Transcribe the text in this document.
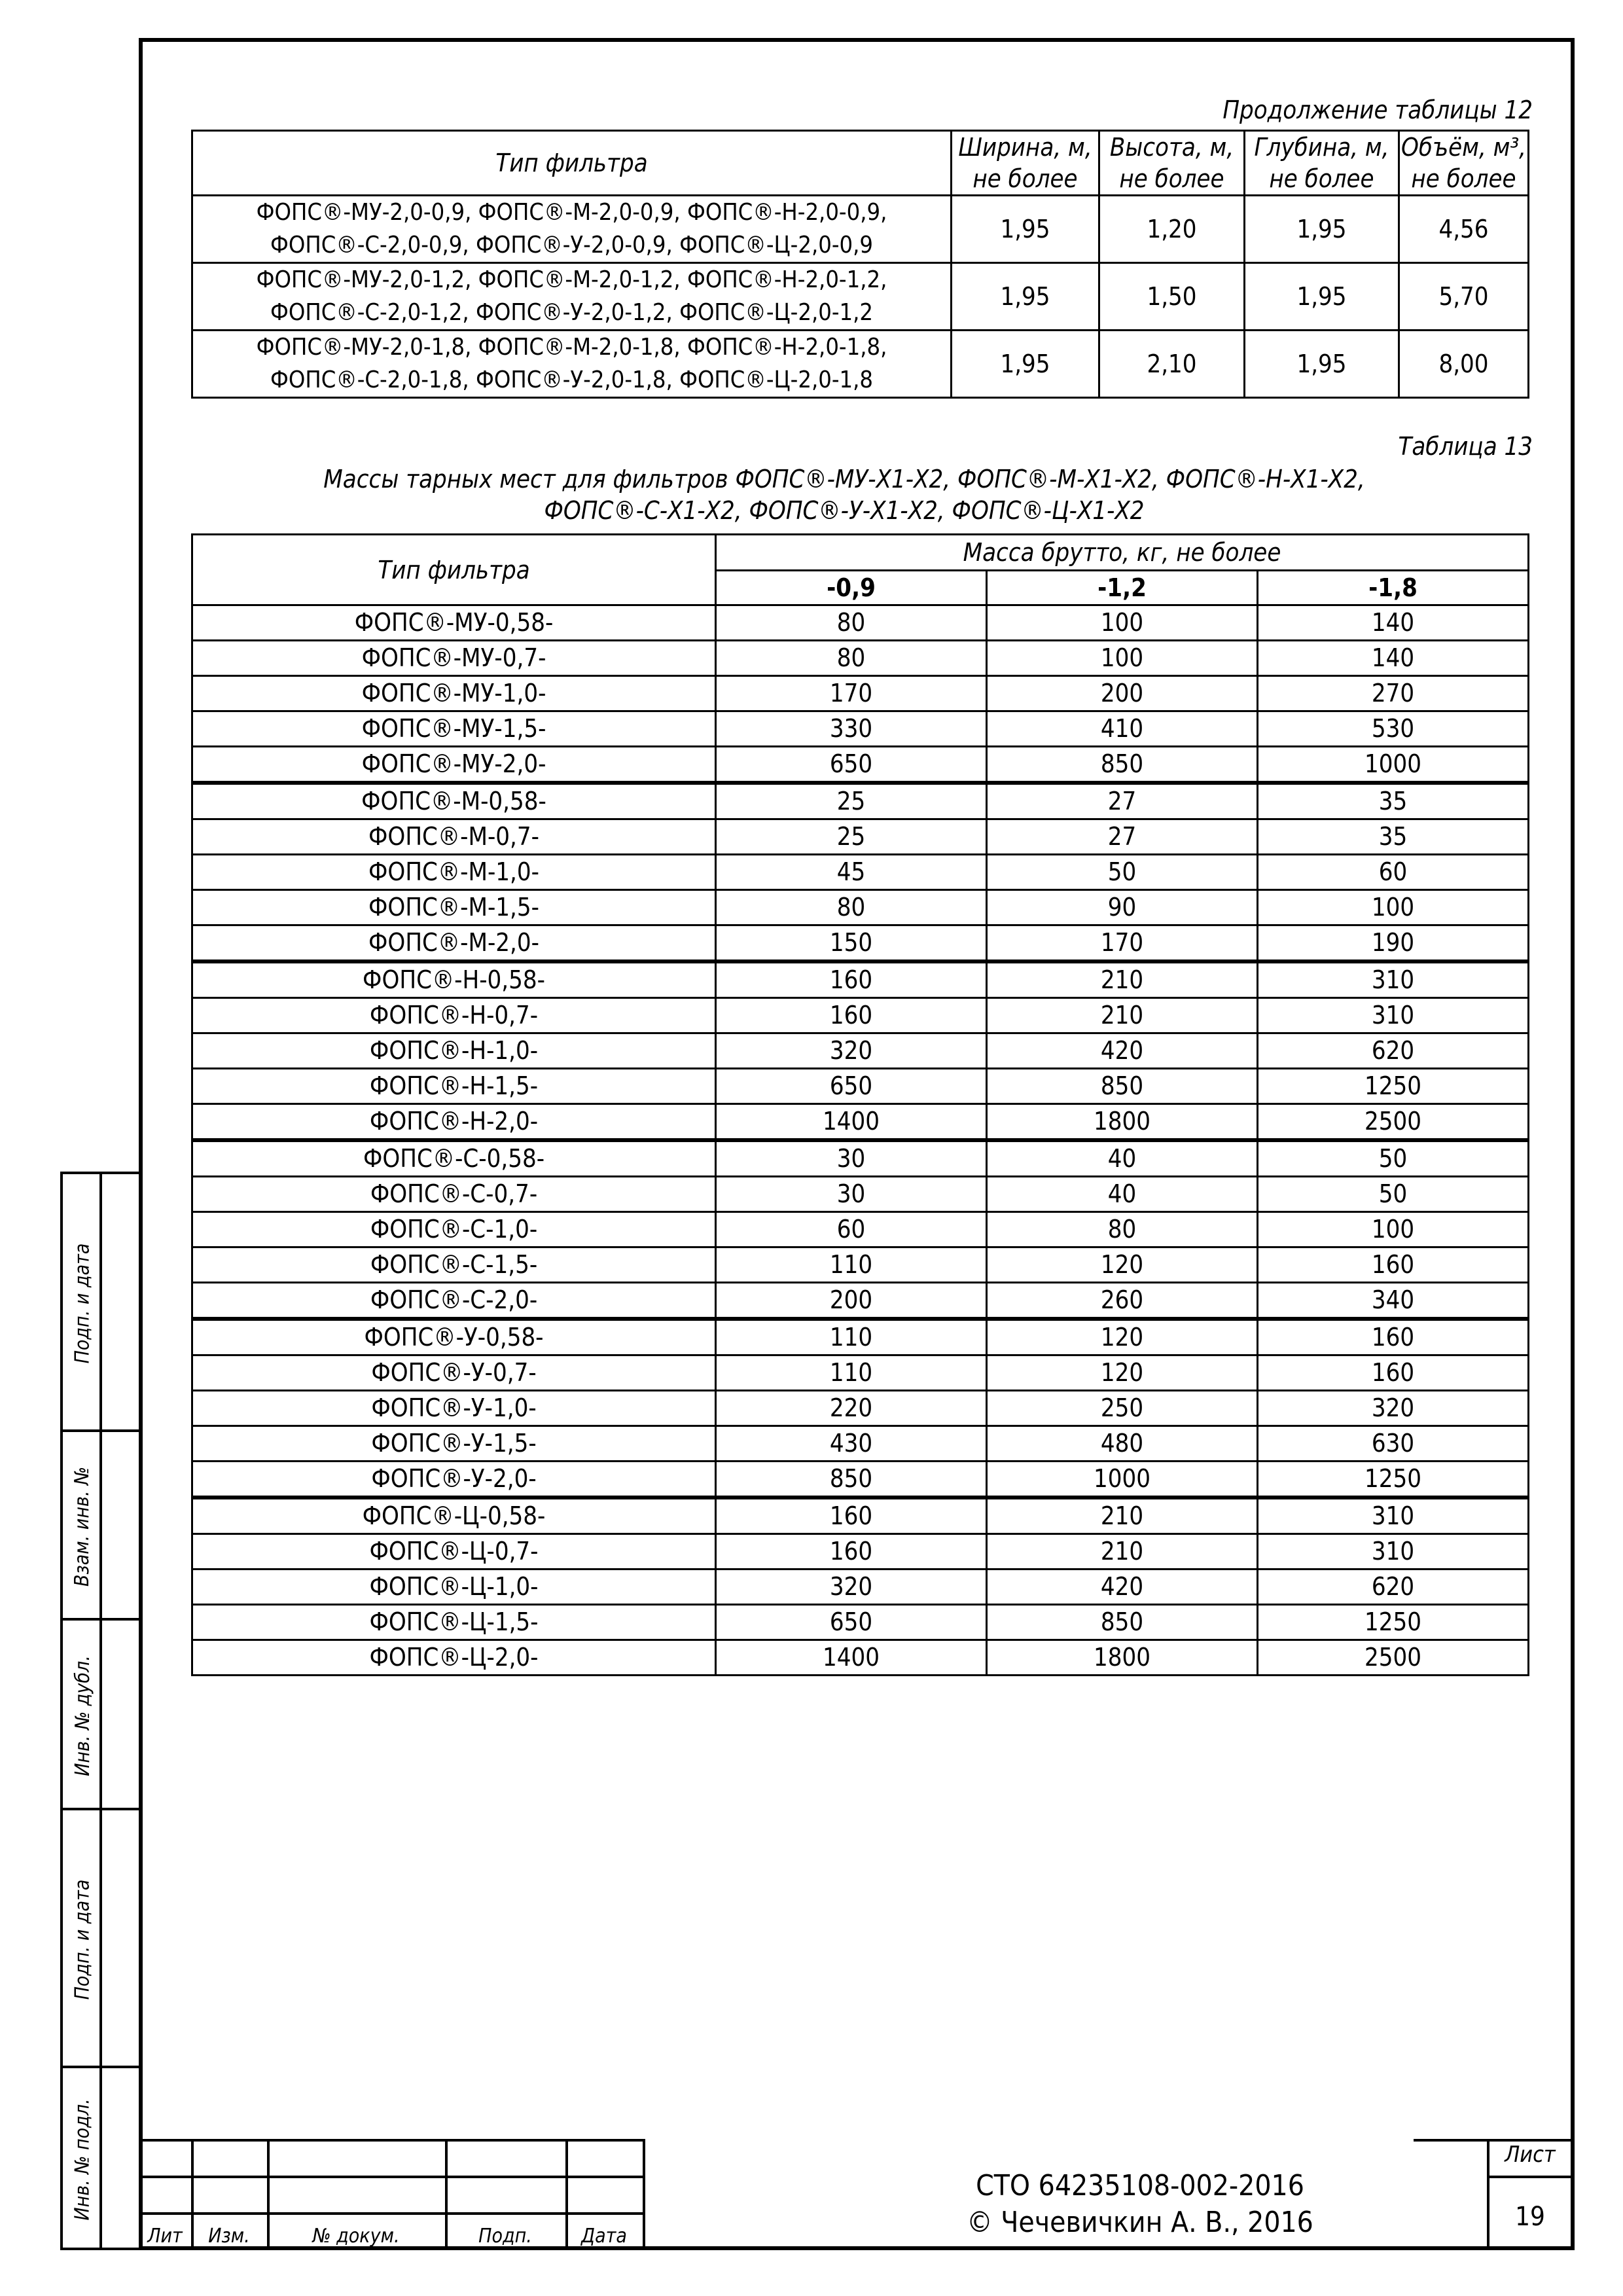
Подп. и дата
Взам. инв. №
Инв. № дубл.
Подп. и дата
Инв. № подл.
Продолжение таблицы 12
Тип фильтра	Ширина, м, не более	Высота, м, не более	Глубина, м, не более	Объём, м³, не более

ФОПС®-МУ-2,0-0,9, ФОПС®-М-2,0-0,9, ФОПС®-Н-2,0-0,9,
ФОПС®-С-2,0-0,9, ФОПС®-У-2,0-0,9, ФОПС®-Ц-2,0-0,9	1,95	1,20	1,95	4,56

ФОПС®-МУ-2,0-1,2, ФОПС®-М-2,0-1,2, ФОПС®-Н-2,0-1,2,
ФОПС®-С-2,0-1,2, ФОПС®-У-2,0-1,2, ФОПС®-Ц-2,0-1,2	1,95	1,50	1,95	5,70

ФОПС®-МУ-2,0-1,8, ФОПС®-М-2,0-1,8, ФОПС®-Н-2,0-1,8,
ФОПС®-С-2,0-1,8, ФОПС®-У-2,0-1,8, ФОПС®-Ц-2,0-1,8	1,95	2,10	1,95	8,00
Таблица 13
Массы тарных мест для фильтров ФОПС®-МУ-Х1-Х2, ФОПС®-М-Х1-Х2, ФОПС®-Н-Х1-Х2,
ФОПС®-С-Х1-Х2, ФОПС®-У-Х1-Х2, ФОПС®-Ц-Х1-Х2
Тип фильтра	Масса брутто, кг, не более		
	-0,9	-1,2	-1,8
ФОПС®-МУ-0,58-	80	100	140
ФОПС®-МУ-0,7-	80	100	140
ФОПС®-МУ-1,0-	170	200	270
ФОПС®-МУ-1,5-	330	410	530
ФОПС®-МУ-2,0-	650	850	1000
ФОПС®-М-0,58-	25	27	35
ФОПС®-М-0,7-	25	27	35
ФОПС®-М-1,0-	45	50	60
ФОПС®-М-1,5-	80	90	100
ФОПС®-М-2,0-	150	170	190
ФОПС®-Н-0,58-	160	210	310
ФОПС®-Н-0,7-	160	210	310
ФОПС®-Н-1,0-	320	420	620
ФОПС®-Н-1,5-	650	850	1250
ФОПС®-Н-2,0-	1400	1800	2500
ФОПС®-С-0,58-	30	40	50
ФОПС®-С-0,7-	30	40	50
ФОПС®-С-1,0-	60	80	100
ФОПС®-С-1,5-	110	120	160
ФОПС®-С-2,0-	200	260	340
ФОПС®-У-0,58-	110	120	160
ФОПС®-У-0,7-	110	120	160
ФОПС®-У-1,0-	220	250	320
ФОПС®-У-1,5-	430	480	630
ФОПС®-У-2,0-	850	1000	1250
ФОПС®-Ц-0,58-	160	210	310
ФОПС®-Ц-0,7-	160	210	310
ФОПС®-Ц-1,0-	320	420	620
ФОПС®-Ц-1,5-	650	850	1250
ФОПС®-Ц-2,0-	1400	1800	2500
Лит	Изм.	№ докум.	Подп.	Дата
СТО 64235108-002-2016
© Чечевичкин А. В., 2016
Лист
19
